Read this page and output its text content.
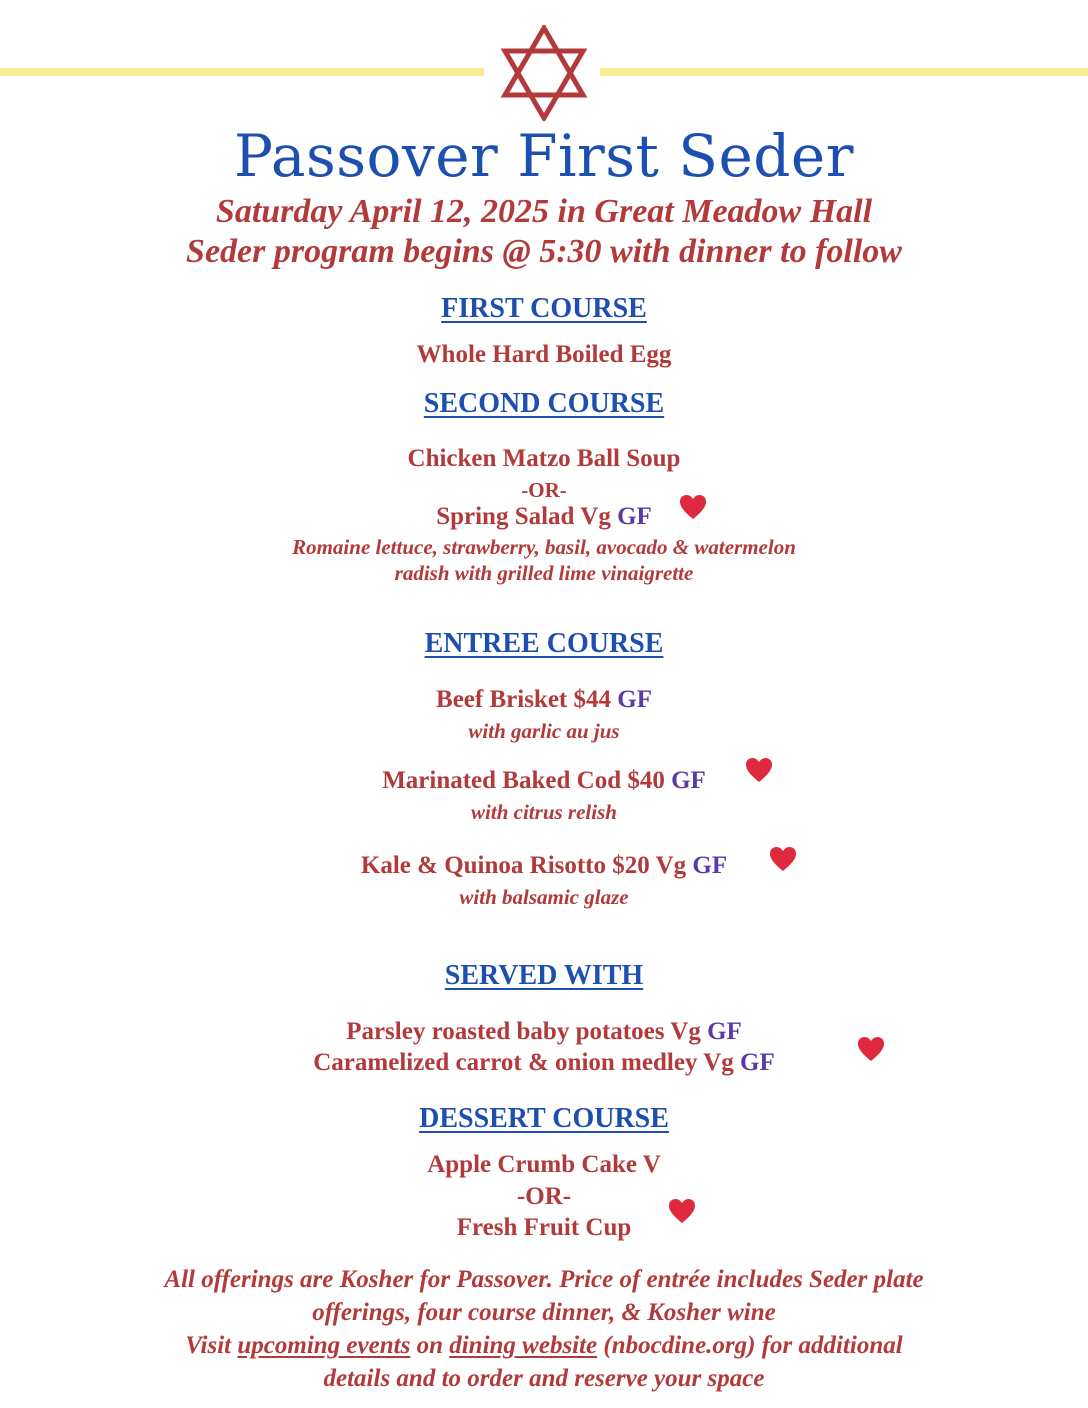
Passover First Seder
Saturday April 12, 2025 in Great Meadow Hall
Seder program begins @ 5:30 with dinner to follow
FIRST COURSE
Whole Hard Boiled Egg
SECOND COURSE
Chicken Matzo Ball Soup
-OR-
Spring Salad Vg GF
Romaine lettuce, strawberry, basil, avocado & watermelon
radish with grilled lime vinaigrette
ENTREE COURSE
Beef Brisket $44 GF
with garlic au jus
Marinated Baked Cod $40 GF
with citrus relish
Kale & Quinoa Risotto $20 Vg GF
with balsamic glaze
SERVED WITH
Parsley roasted baby potatoes Vg GF
Caramelized carrot & onion medley Vg GF
DESSERT COURSE
Apple Crumb Cake V
-OR-
Fresh Fruit Cup
All offerings are Kosher for Passover. Price of entrée includes Seder plate
offerings, four course dinner, & Kosher wine
Visit upcoming events on dining website (nbocdine.org) for additional
details and to order and reserve your space
